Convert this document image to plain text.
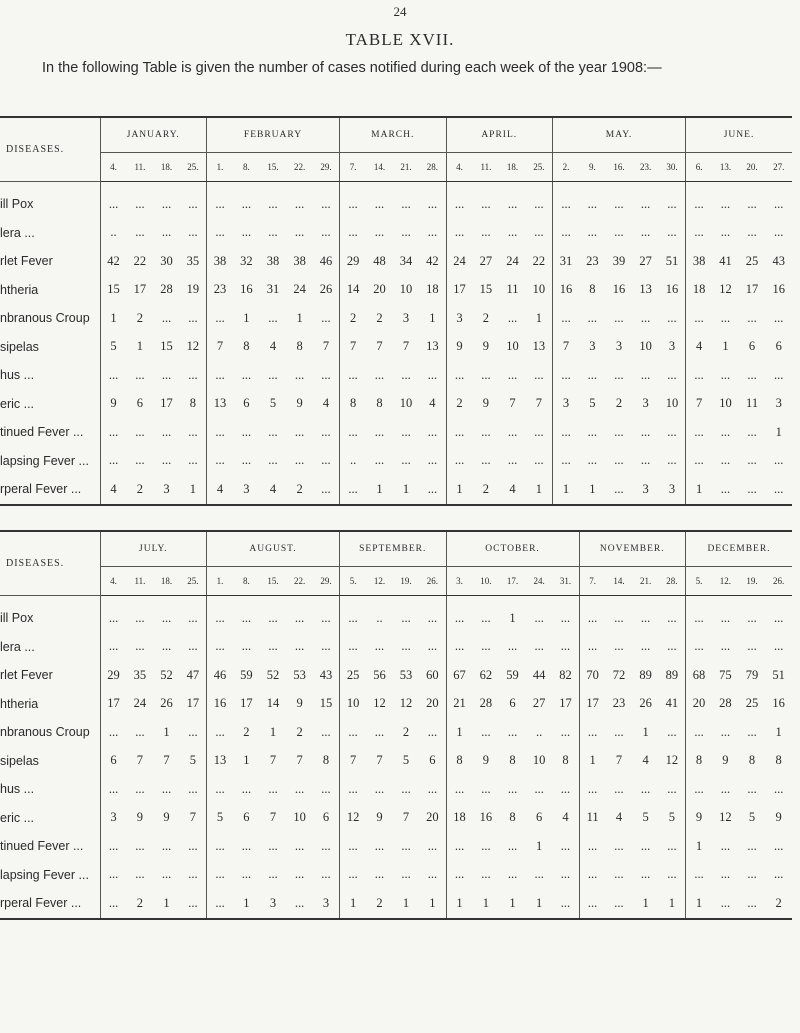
24
TABLE XVII.
In the following Table is given the number of cases notified during each week of the year 1908:—
DISEASES.	JANUARY.				FEBRUARY					MARCH.				APRIL.				MAY.					JUNE.			
	4.	11.	18.	25.	1.	8.	15.	22.	29.	7.	14.	21.	28.	4.	11.	18.	25.	2.	9.	16.	23.	30.	6.	13.	20.	27.
ill Pox	...	...	...	...	...	...	...	...	...	...	...	...	...	...	...	...	...	...	...	...	...	...	...	...	...	...
lera ...	..	...	...	...	...	...	...	...	...	...	...	...	...	...	...	...	...	...	...	...	...	...	...	...	...	...
rlet Fever	42	22	30	35	38	32	38	38	46	29	48	34	42	24	27	24	22	31	23	39	27	51	38	41	25	43
htheria	15	17	28	19	23	16	31	24	26	14	20	10	18	17	15	11	10	16	8	16	13	16	18	12	17	16
nbranous Croup	1	2	...	...	...	1	...	1	...	2	2	3	1	3	2	...	1	...	...	...	...	...	...	...	...	...
sipelas	5	1	15	12	7	8	4	8	7	7	7	7	13	9	9	10	13	7	3	3	10	3	4	1	6	6
hus ...	...	...	...	...	...	...	...	...	...	...	...	...	...	...	...	...	...	...	...	...	...	...	...	...	...	...
eric ...	9	6	17	8	13	6	5	9	4	8	8	10	4	2	9	7	7	3	5	2	3	10	7	10	11	3
tinued Fever ...	...	...	...	...	...	...	...	...	...	...	...	...	...	...	...	...	...	...	...	...	...	...	...	...	...	1
lapsing Fever ...	...	...	...	...	...	...	...	...	...	..	...	...	...	...	...	...	...	...	...	...	...	...	...	...	...	...
rperal Fever ...	4	2	3	1	4	3	4	2	...	...	1	1	...	1	2	4	1	1	1	...	3	3	1	...	...	...
DISEASES.	JULY.				AUGUST.					SEPTEMBER.				OCTOBER.					NOVEMBER.				DECEMBER.			
	4.	11.	18.	25.	1.	8.	15.	22.	29.	5.	12.	19.	26.	3.	10.	17.	24.	31.	7.	14.	21.	28.	5.	12.	19.	26.
ill Pox	...	...	...	...	...	...	...	...	...	...	..	...	...	...	...	1	...	...	...	...	...	...	...	...	...	...
lera ...	...	...	...	...	...	...	...	...	...	...	...	...	...	...	...	...	...	...	...	...	...	...	...	...	...	...
rlet Fever	29	35	52	47	46	59	52	53	43	25	56	53	60	67	62	59	44	82	70	72	89	89	68	75	79	51
htheria	17	24	26	17	16	17	14	9	15	10	12	12	20	21	28	6	27	17	17	23	26	41	20	28	25	16
nbranous Croup	...	...	1	...	...	2	1	2	...	...	...	2	...	1	...	...	..	...	...	...	1	...	...	...	...	1
sipelas	6	7	7	5	13	1	7	7	8	7	7	5	6	8	9	8	10	8	1	7	4	12	8	9	8	8
hus ...	...	...	...	...	...	...	...	...	...	...	...	...	...	...	...	...	...	...	...	...	...	...	...	...	...	...
eric ...	3	9	9	7	5	6	7	10	6	12	9	7	20	18	16	8	6	4	11	4	5	5	9	12	5	9
tinued Fever ...	...	...	...	...	...	...	...	...	...	...	...	...	...	...	...	...	1	...	...	...	...	...	1	...	...	...
lapsing Fever ...	...	...	...	...	...	...	...	...	...	...	...	...	...	...	...	...	...	...	...	...	...	...	...	...	...	...
rperal Fever ...	...	2	1	...	...	1	3	...	3	1	2	1	1	1	1	1	1	...	...	...	1	1	1	...	...	2
